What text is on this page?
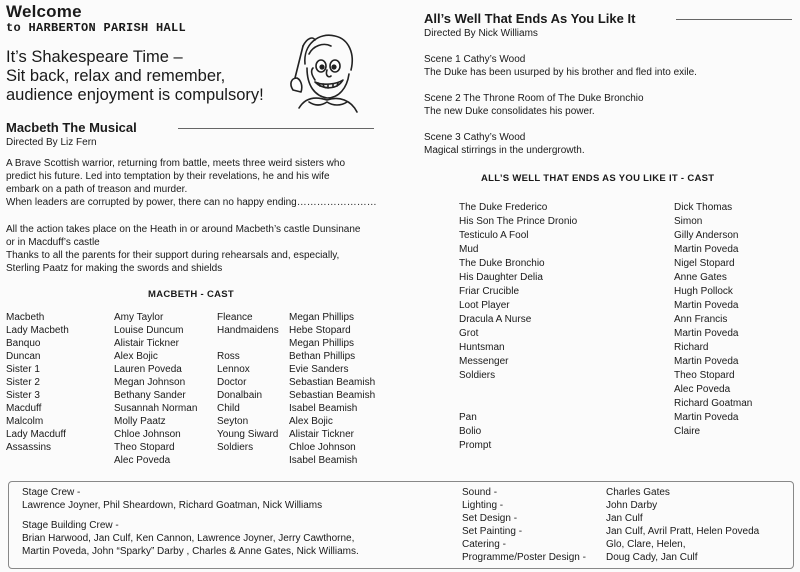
Welcome
to HARBERTON PARISH HALL
It’s Shakespeare Time –
Sit back, relax and remember,
audience enjoyment is compulsory!
Macbeth The Musical
Directed By Liz Fern
A Brave Scottish warrior, returning from battle, meets three weird sisters who
predict his future. Led into temptation by their revelations, he and his wife
embark on a path of treason and murder.
When leaders are corrupted by power, there can no happy ending……………………
All the action takes place on the Heath in or around Macbeth’s castle Dunsinane
or in Macduff’s castle
Thanks to all the parents for their support during rehearsals and, especially,
Sterling Paatz for making the swords and shields
MACBETH - CAST
Macbeth
Lady Macbeth
Banquo
Duncan
Sister 1
Sister 2
Sister 3
Macduff
Malcolm
Lady Macduff
Assassins
Amy Taylor
Louise Duncum
Alistair Tickner
Alex Bojic
Lauren Poveda
Megan Johnson
Bethany Sander
Susannah Norman
Molly Paatz
Chloe Johnson
Theo Stopard
Alec Poveda
Fleance
Handmaidens
Ross
Lennox
Doctor
Donalbain
Child
Seyton
Young Siward
Soldiers
Megan Phillips
Hebe Stopard
Megan Phillips
Bethan Phillips
Evie Sanders
Sebastian Beamish
Sebastian Beamish
Isabel Beamish
Alex Bojic
Alistair Tickner
Chloe Johnson
Isabel Beamish
All’s Well That Ends As You Like It
Directed By Nick Williams
Scene 1 Cathy’s Wood
The Duke has been usurped by his brother and fled into exile.
Scene 2 The Throne Room of The Duke Bronchio
The new Duke consolidates his power.
Scene 3 Cathy’s Wood
Magical stirrings in the undergrowth.
ALL’S WELL THAT ENDS AS YOU LIKE IT - CAST
The Duke Frederico
His Son The Prince Dronio
Testiculo A Fool
Mud
The Duke Bronchio
His Daughter Delia
Friar Crucible
Loot Player
Dracula A Nurse
Grot
Huntsman
Messenger
Soldiers
Pan
Bolio
Prompt
Dick Thomas
Simon
Gilly Anderson
Martin Poveda
Nigel Stopard
Anne Gates
Hugh Pollock
Martin Poveda
Ann Francis
Martin Poveda
Richard
Martin Poveda
Theo Stopard
Alec Poveda
Richard Goatman
Martin Poveda
Claire
Stage Crew -
Lawrence Joyner, Phil Sheardown, Richard Goatman, Nick Williams
Stage Building Crew -
Brian Harwood, Jan Culf, Ken Cannon, Lawrence Joyner, Jerry Cawthorne,
Martin Poveda, John “Sparky” Darby , Charles & Anne Gates, Nick Williams.
Sound -
Lighting -
Set Design -
Set Painting -
Catering -
Programme/Poster Design -
Charles Gates
John Darby
Jan Culf
Jan Culf, Avril Pratt, Helen Poveda
Glo, Clare, Helen,
Doug Cady, Jan Culf
